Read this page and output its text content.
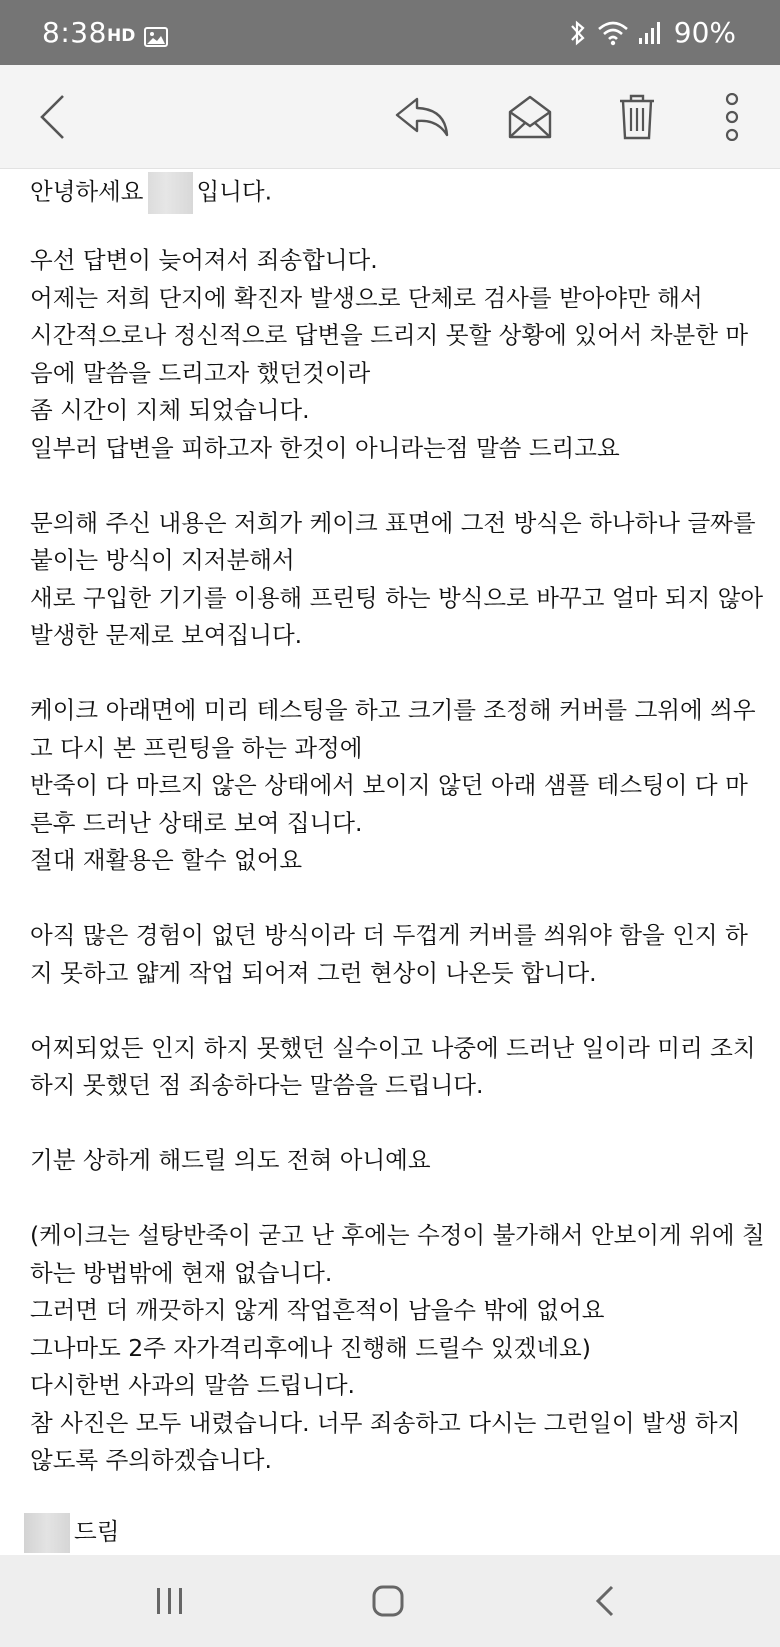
8:38 HD	90%
안녕하세요 입니다.
우선 답변이 늦어져서 죄송합니다.
어제는 저희 단지에 확진자 발생으로 단체로 검사를 받아야만 해서
시간적으로나 정신적으로 답변을 드리지 못할 상황에 있어서 차분한 마
음에 말씀을 드리고자 했던것이라
좀 시간이 지체 되었습니다.
일부러 답변을 피하고자 한것이 아니라는점 말씀 드리고요
문의해 주신 내용은 저희가 케이크 표면에 그전 방식은 하나하나 글짜를
붙이는 방식이 지저분해서
새로 구입한 기기를 이용해 프린팅 하는 방식으로 바꾸고 얼마 되지 않아
발생한 문제로 보여집니다.
케이크 아래면에 미리 테스팅을 하고 크기를 조정해 커버를 그위에 씌우
고 다시 본 프린팅을 하는 과정에
반죽이 다 마르지 않은 상태에서 보이지 않던 아래 샘플 테스팅이 다 마
른후 드러난 상태로 보여 집니다.
절대 재활용은 할수 없어요
아직 많은 경험이 없던 방식이라 더 두껍게 커버를 씌워야 함을 인지 하
지 못하고 얇게 작업 되어져 그런 현상이 나온듯 합니다.
어찌되었든 인지 하지 못했던 실수이고 나중에 드러난 일이라 미리 조치
하지 못했던 점 죄송하다는 말씀을 드립니다.
기분 상하게 해드릴 의도 전혀 아니예요
(케이크는 설탕반죽이 굳고 난 후에는 수정이 불가해서 안보이게 위에 칠
하는 방법밖에 현재 없습니다.
그러면 더 깨끗하지 않게 작업흔적이 남을수 밖에 없어요
그나마도 2주 자가격리후에나 진행해 드릴수 있겠네요)
다시한번 사과의 말씀 드립니다.
참 사진은 모두 내렸습니다. 너무 죄송하고 다시는 그런일이 발생 하지
않도록 주의하겠습니다.
드림
